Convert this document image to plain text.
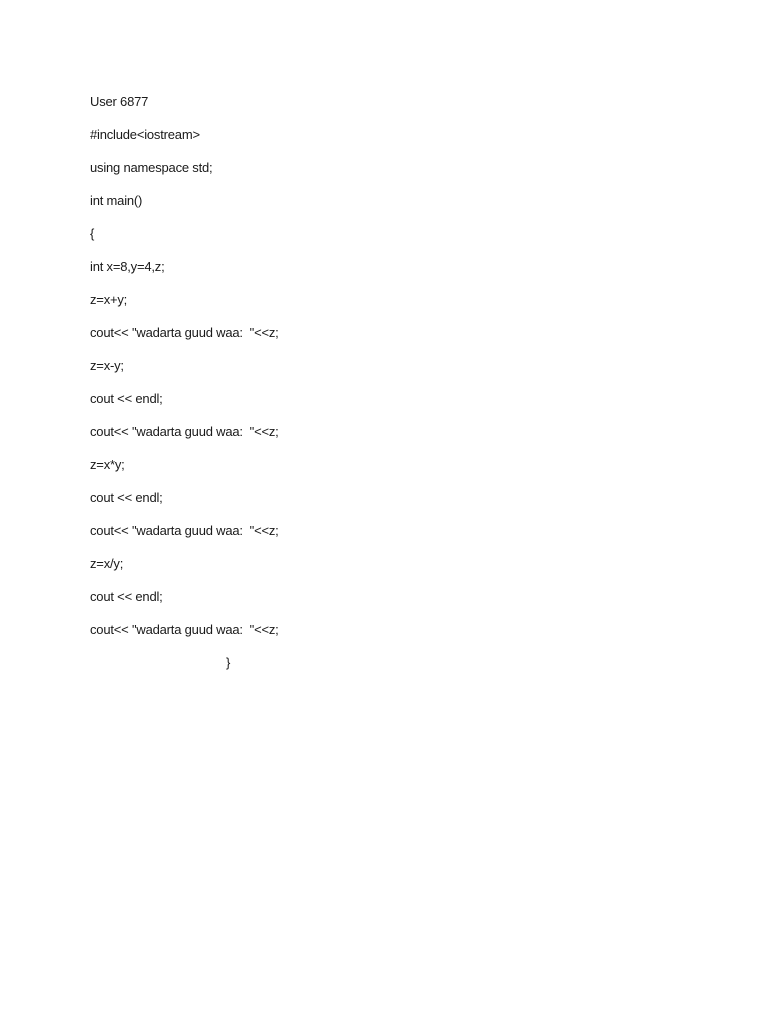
User 6877
#include<iostream>
using namespace std;
int main()
{
int x=8,y=4,z;
z=x+y;
cout<< "wadarta guud waa:  "<<z;
z=x-y;
cout << endl;
cout<< "wadarta guud waa:  "<<z;
z=x*y;
cout << endl;
cout<< "wadarta guud waa:  "<<z;
z=x/y;
cout << endl;
cout<< "wadarta guud waa:  "<<z;
}
